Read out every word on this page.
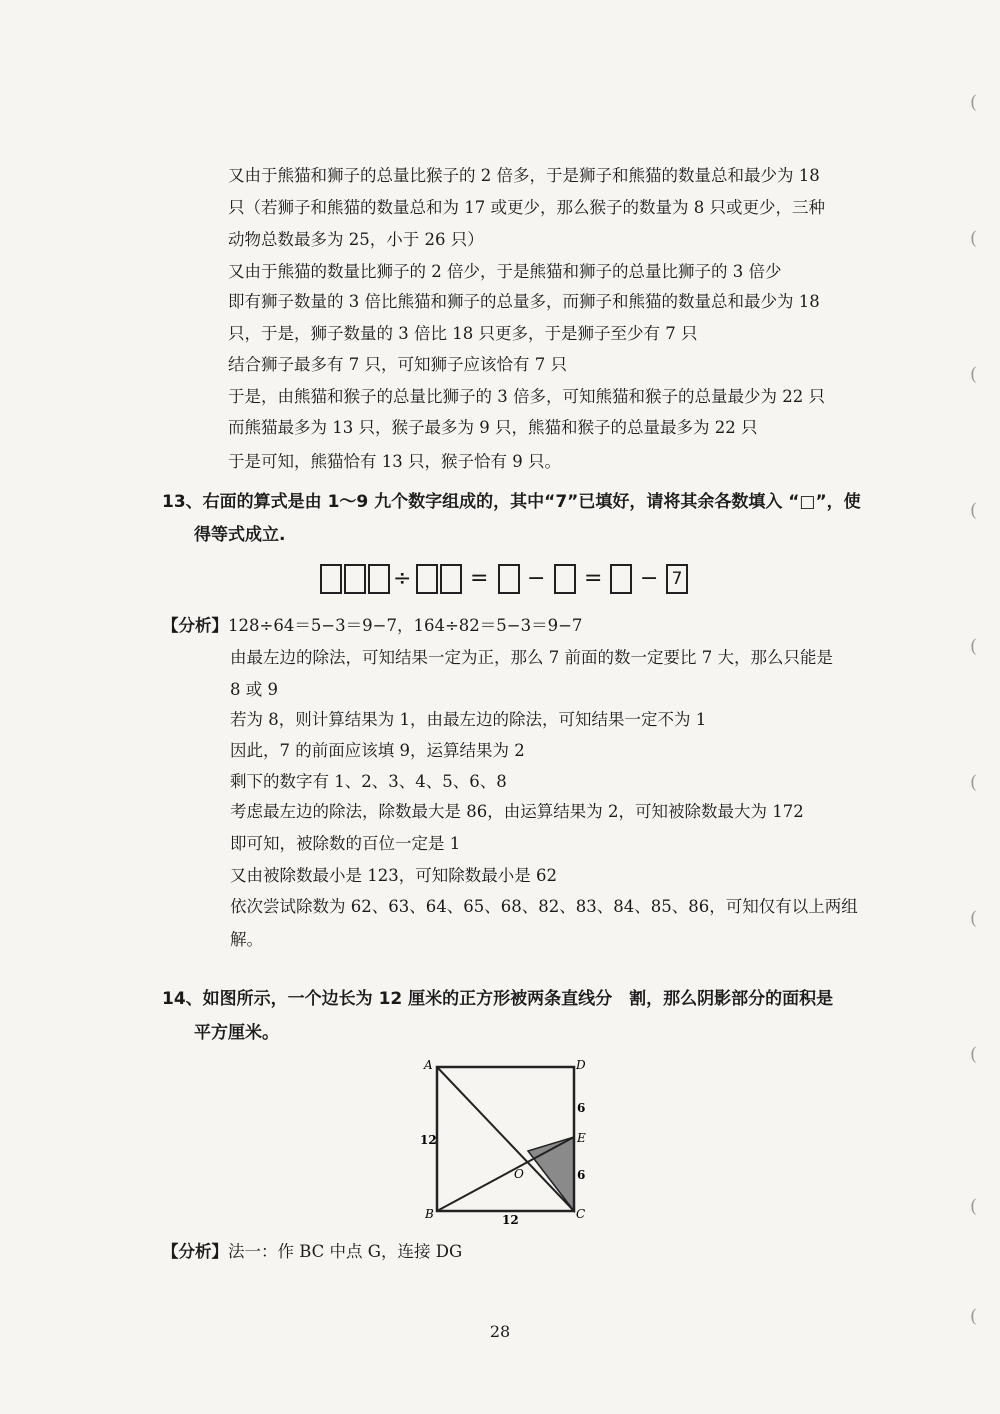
又由于熊猫和狮子的总量比猴子的 2 倍多，于是狮子和熊猫的数量总和最少为 18
只（若狮子和熊猫的数量总和为 17 或更少，那么猴子的数量为 8 只或更少，三种
动物总数最多为 25，小于 26 只）
又由于熊猫的数量比狮子的 2 倍少，于是熊猫和狮子的总量比狮子的 3 倍少
即有狮子数量的 3 倍比熊猫和狮子的总量多，而狮子和熊猫的数量总和最少为 18
只，于是，狮子数量的 3 倍比 18 只更多，于是狮子至少有 7 只
结合狮子最多有 7 只，可知狮子应该恰有 7 只
于是，由熊猫和猴子的总量比狮子的 3 倍多，可知熊猫和猴子的总量最少为 22 只
而熊猫最多为 13 只，猴子最多为 9 只，熊猫和猴子的总量最多为 22 只
于是可知，熊猫恰有 13 只，猴子恰有 9 只。
13、右面的算式是由 1～9 九个数字组成的，其中“7”已填好，请将其余各数填入 “□”，使
得等式成立.
÷	= − = − 7
【分析】128÷64＝5−3＝9−7，164÷82＝5−3＝9−7
由最左边的除法，可知结果一定为正，那么 7 前面的数一定要比 7 大，那么只能是
8 或 9
若为 8，则计算结果为 1，由最左边的除法，可知结果一定不为 1
因此，7 的前面应该填 9，运算结果为 2
剩下的数字有 1、2、3、4、5、6、8
考虑最左边的除法，除数最大是 86，由运算结果为 2，可知被除数最大为 172
即可知，被除数的百位一定是 1
又由被除数最小是 123，可知除数最小是 62
依次尝试除数为 62、63、64、65、68、82、83、84、85、86，可知仅有以上两组
解。
14、如图所示，一个边长为 12 厘米的正方形被两条直线分　割，那么阴影部分的面积是
平方厘米。
A	D
B	C
E
O
12
12
6
6
【分析】法一：作 BC 中点 G，连接 DG
(
(
(
(
(
(
(
(
(
(
28
